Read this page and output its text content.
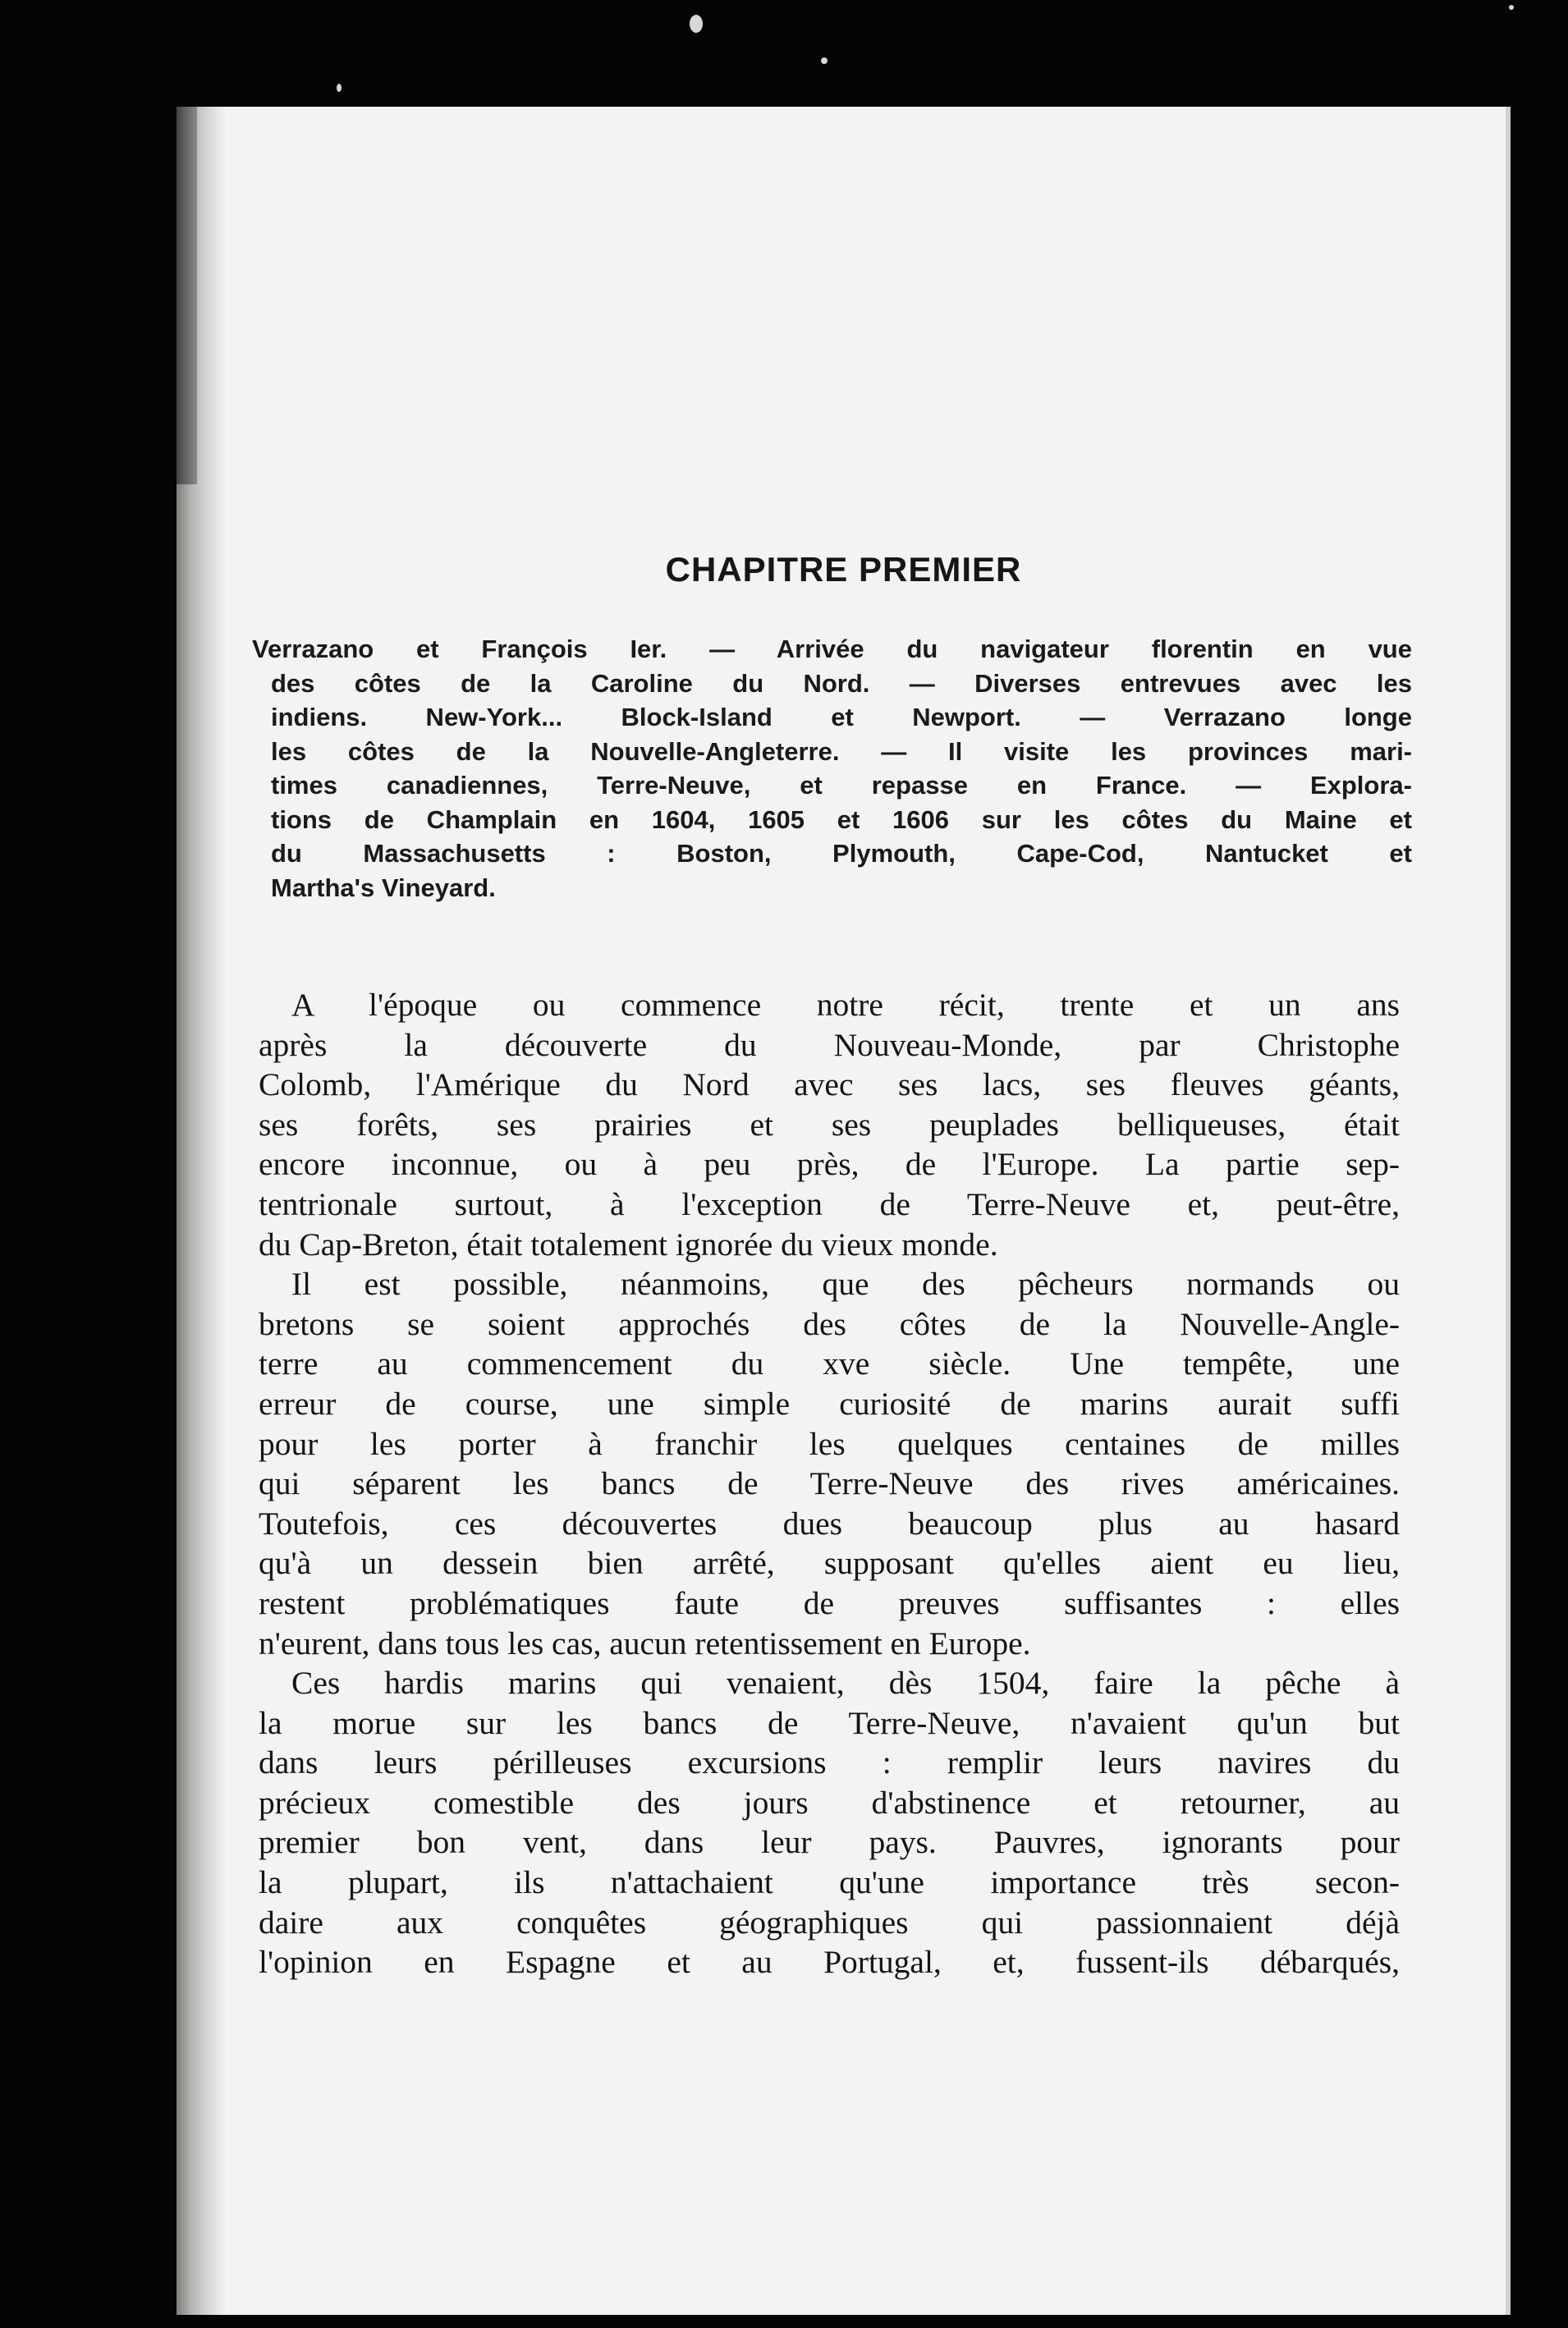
CHAPITRE PREMIER
Verrazano et François Ier. — Arrivée du navigateur florentin en vue
des côtes de la Caroline du Nord. — Diverses entrevues avec les
indiens. New-York... Block-Island et Newport. — Verrazano longe
les côtes de la Nouvelle-Angleterre. — Il visite les provinces mari-
times canadiennes, Terre-Neuve, et repasse en France. — Explora-
tions de Champlain en 1604, 1605 et 1606 sur les côtes du Maine et
du Massachusetts : Boston, Plymouth, Cape-Cod, Nantucket et
Martha's Vineyard.
A l'époque ou commence notre récit, trente et un ans
après la découverte du Nouveau-Monde, par Christophe
Colomb, l'Amérique du Nord avec ses lacs, ses fleuves géants,
ses forêts, ses prairies et ses peuplades belliqueuses, était
encore inconnue, ou à peu près, de l'Europe. La partie sep-
tentrionale surtout, à l'exception de Terre-Neuve et, peut-être,
du Cap-Breton, était totalement ignorée du vieux monde.
Il est possible, néanmoins, que des pêcheurs normands ou
bretons se soient approchés des côtes de la Nouvelle-Angle-
terre au commencement du xve siècle. Une tempête, une
erreur de course, une simple curiosité de marins aurait suffi
pour les porter à franchir les quelques centaines de milles
qui séparent les bancs de Terre-Neuve des rives américaines.
Toutefois, ces découvertes dues beaucoup plus au hasard
qu'à un dessein bien arrêté, supposant qu'elles aient eu lieu,
restent problématiques faute de preuves suffisantes : elles
n'eurent, dans tous les cas, aucun retentissement en Europe.
Ces hardis marins qui venaient, dès 1504, faire la pêche à
la morue sur les bancs de Terre-Neuve, n'avaient qu'un but
dans leurs périlleuses excursions : remplir leurs navires du
précieux comestible des jours d'abstinence et retourner, au
premier bon vent, dans leur pays. Pauvres, ignorants pour
la plupart, ils n'attachaient qu'une importance très secon-
daire aux conquêtes géographiques qui passionnaient déjà
l'opinion en Espagne et au Portugal, et, fussent-ils débarqués,
